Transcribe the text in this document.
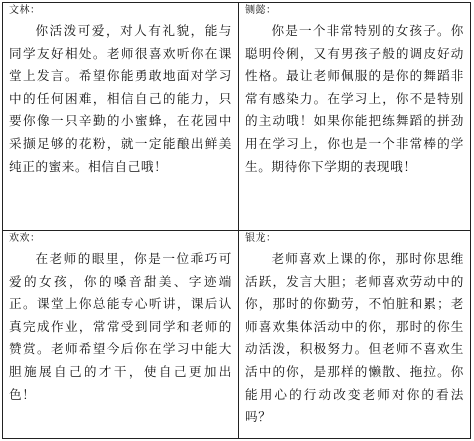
文林：

你活泼可爱，对人有礼貌，能与同学友好相处。老师很喜欢听你在课堂上发言。希望你能勇敢地面对学习中的任何困难，相信自己的能力，只要你像一只辛勤的小蜜蜂，在花园中采撷足够的花粉，就一定能酿出鲜美纯正的蜜来。相信自己哦！	铡懿：

你是一个非常特别的女孩子。你聪明伶俐，又有男孩子般的调皮好动性格。最让老师佩服的是你的舞蹈非常有感染力。在学习上，你不是特别的主动哦！如果你能把练舞蹈的拼劲用在学习上，你也是一个非常棒的学生。期待你下学期的表现哦！

欢欢：

在老师的眼里，你是一位乖巧可爱的女孩，你的嗓音甜美、字迹端正。课堂上你总能专心听讲，课后认真完成作业，常常受到同学和老师的赞赏。老师希望今后你在学习中能大胆施展自己的才干，使自己更加出色！	银龙：

老师喜欢上课的你，那时你思维活跃，发言大胆；老师喜欢劳动中的你，那时的你勤劳，不怕脏和累；老师喜欢集体活动中的你，那时的你生动活泼，积极努力。但老师不喜欢生活中的你，是那样的懒散、拖拉。你能用心的行动改变老师对你的看法吗？
